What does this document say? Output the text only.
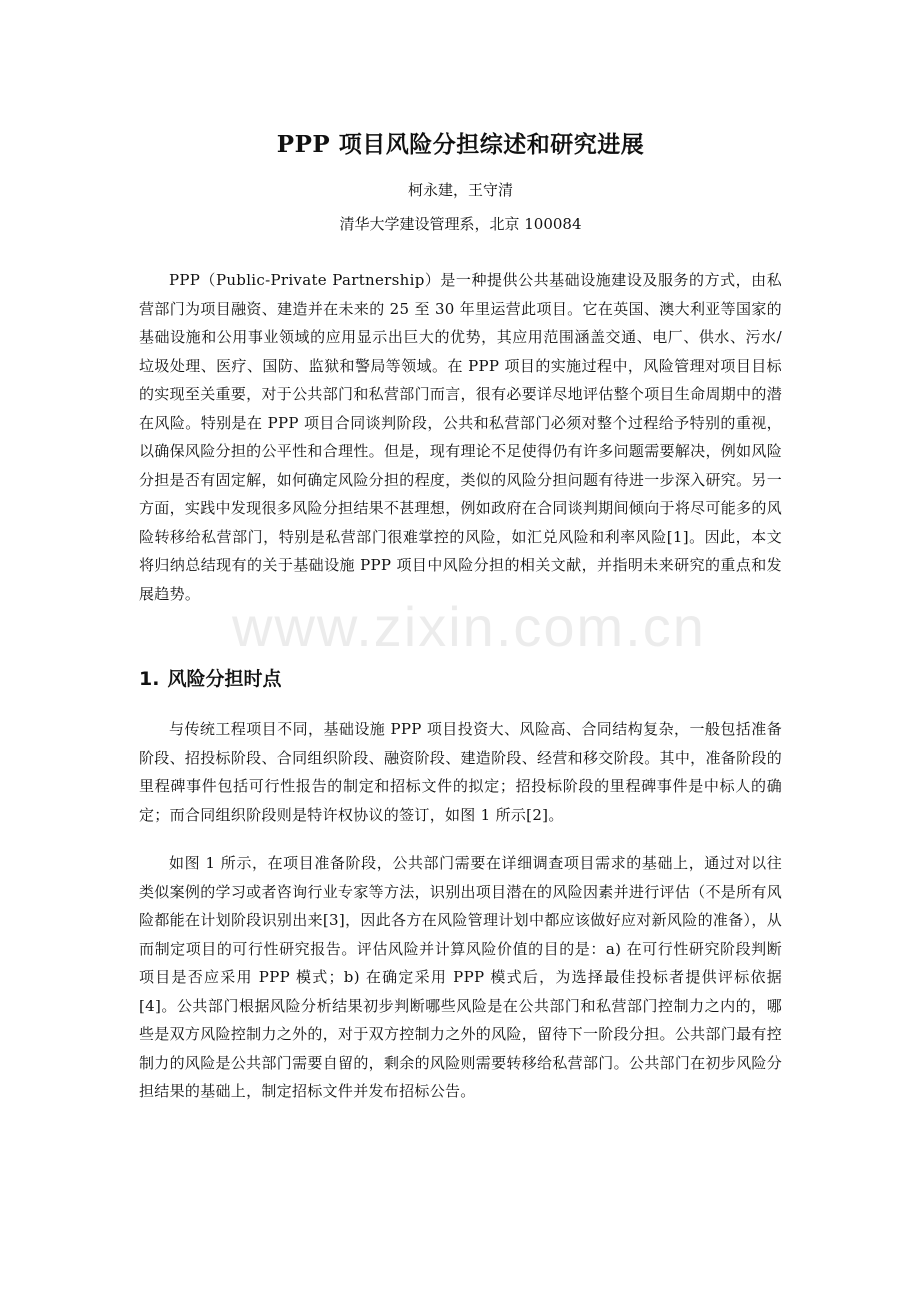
PPP 项目风险分担综述和研究进展
柯永建，王守清
清华大学建设管理系，北京 100084

PPP（Public-Private Partnership）是一种提供公共基础设施建设及服务的方式，由私营部门为项目融资、建造并在未来的 25 至 30 年里运营此项目。它在英国、澳大利亚等国家的基础设施和公用事业领域的应用显示出巨大的优势，其应用范围涵盖交通、电厂、供水、污水/垃圾处理、医疗、国防、监狱和警局等领域。在 PPP 项目的实施过程中，风险管理对项目目标的实现至关重要，对于公共部门和私营部门而言，很有必要详尽地评估整个项目生命周期中的潜在风险。特别是在 PPP 项目合同谈判阶段，公共和私营部门必须对整个过程给予特别的重视，以确保风险分担的公平性和合理性。但是，现有理论不足使得仍有许多问题需要解决，例如风险分担是否有固定解，如何确定风险分担的程度，类似的风险分担问题有待进一步深入研究。另一方面，实践中发现很多风险分担结果不甚理想，例如政府在合同谈判期间倾向于将尽可能多的风险转移给私营部门，特别是私营部门很难掌控的风险，如汇兑风险和利率风险[1]。因此，本文将归纳总结现有的关于基础设施 PPP 项目中风险分担的相关文献，并指明未来研究的重点和发展趋势。

1. 风险分担时点

与传统工程项目不同，基础设施 PPP 项目投资大、风险高、合同结构复杂，一般包括准备阶段、招投标阶段、合同组织阶段、融资阶段、建造阶段、经营和移交阶段。其中，准备阶段的里程碑事件包括可行性报告的制定和招标文件的拟定；招投标阶段的里程碑事件是中标人的确定；而合同组织阶段则是特许权协议的签订，如图 1 所示[2]。

如图 1 所示，在项目准备阶段，公共部门需要在详细调查项目需求的基础上，通过对以往类似案例的学习或者咨询行业专家等方法，识别出项目潜在的风险因素并进行评估（不是所有风险都能在计划阶段识别出来[3]，因此各方在风险管理计划中都应该做好应对新风险的准备），从而制定项目的可行性研究报告。评估风险并计算风险价值的目的是：a) 在可行性研究阶段判断项目是否应采用 PPP 模式；b) 在确定采用 PPP 模式后，为选择最佳投标者提供评标依据[4]。公共部门根据风险分析结果初步判断哪些风险是在公共部门和私营部门控制力之内的，哪些是双方风险控制力之外的，对于双方控制力之外的风险，留待下一阶段分担。公共部门最有控制力的风险是公共部门需要自留的，剩余的风险则需要转移给私营部门。公共部门在初步风险分担结果的基础上，制定招标文件并发布招标公告。

www.zixin.com.cn
